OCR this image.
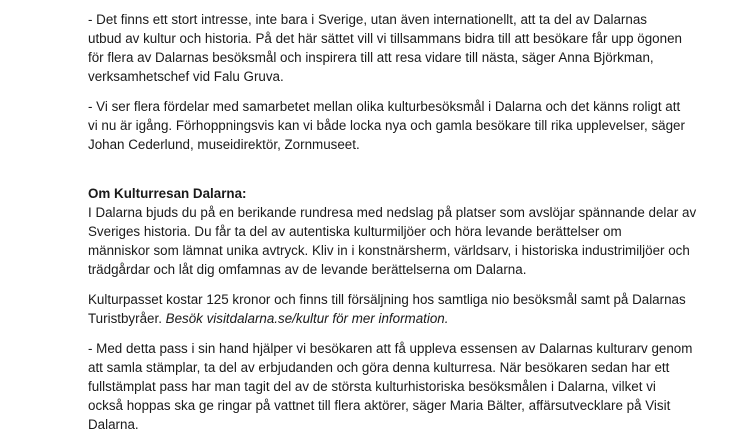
- Det finns ett stort intresse, inte bara i Sverige, utan även internationellt, att ta del av Dalarnas
utbud av kultur och historia. På det här sättet vill vi tillsammans bidra till att besökare får upp ögonen
för flera av Dalarnas besöksmål och inspirera till att resa vidare till nästa, säger Anna Björkman,
verksamhetschef vid Falu Gruva.

- Vi ser flera fördelar med samarbetet mellan olika kulturbesöksmål i Dalarna och det känns roligt att
vi nu är igång. Förhoppningsvis kan vi både locka nya och gamla besökare till rika upplevelser, säger
Johan Cederlund, museidirektör, Zornmuseet.

Om Kulturresan Dalarna:
I Dalarna bjuds du på en berikande rundresa med nedslag på platser som avslöjar spännande delar av
Sveriges historia. Du får ta del av autentiska kulturmiljöer och höra levande berättelser om
människor som lämnat unika avtryck. Kliv in i konstnärsherm, världsarv, i historiska industrimiljöer och
trädgårdar och låt dig omfamnas av de levande berättelserna om Dalarna.

Kulturpasset kostar 125 kronor och finns till försäljning hos samtliga nio besöksmål samt på Dalarnas
Turistbyråer. Besök visitdalarna.se/kultur för mer information.

- Med detta pass i sin hand hjälper vi besökaren att få uppleva essensen av Dalarnas kulturarv genom
att samla stämplar, ta del av erbjudanden och göra denna kulturresa. När besökaren sedan har ett
fullstämplat pass har man tagit del av de största kulturhistoriska besöksmålen i Dalarna, vilket vi
också hoppas ska ge ringar på vattnet till flera aktörer, säger Maria Bälter, affärsutvecklare på Visit
Dalarna.
